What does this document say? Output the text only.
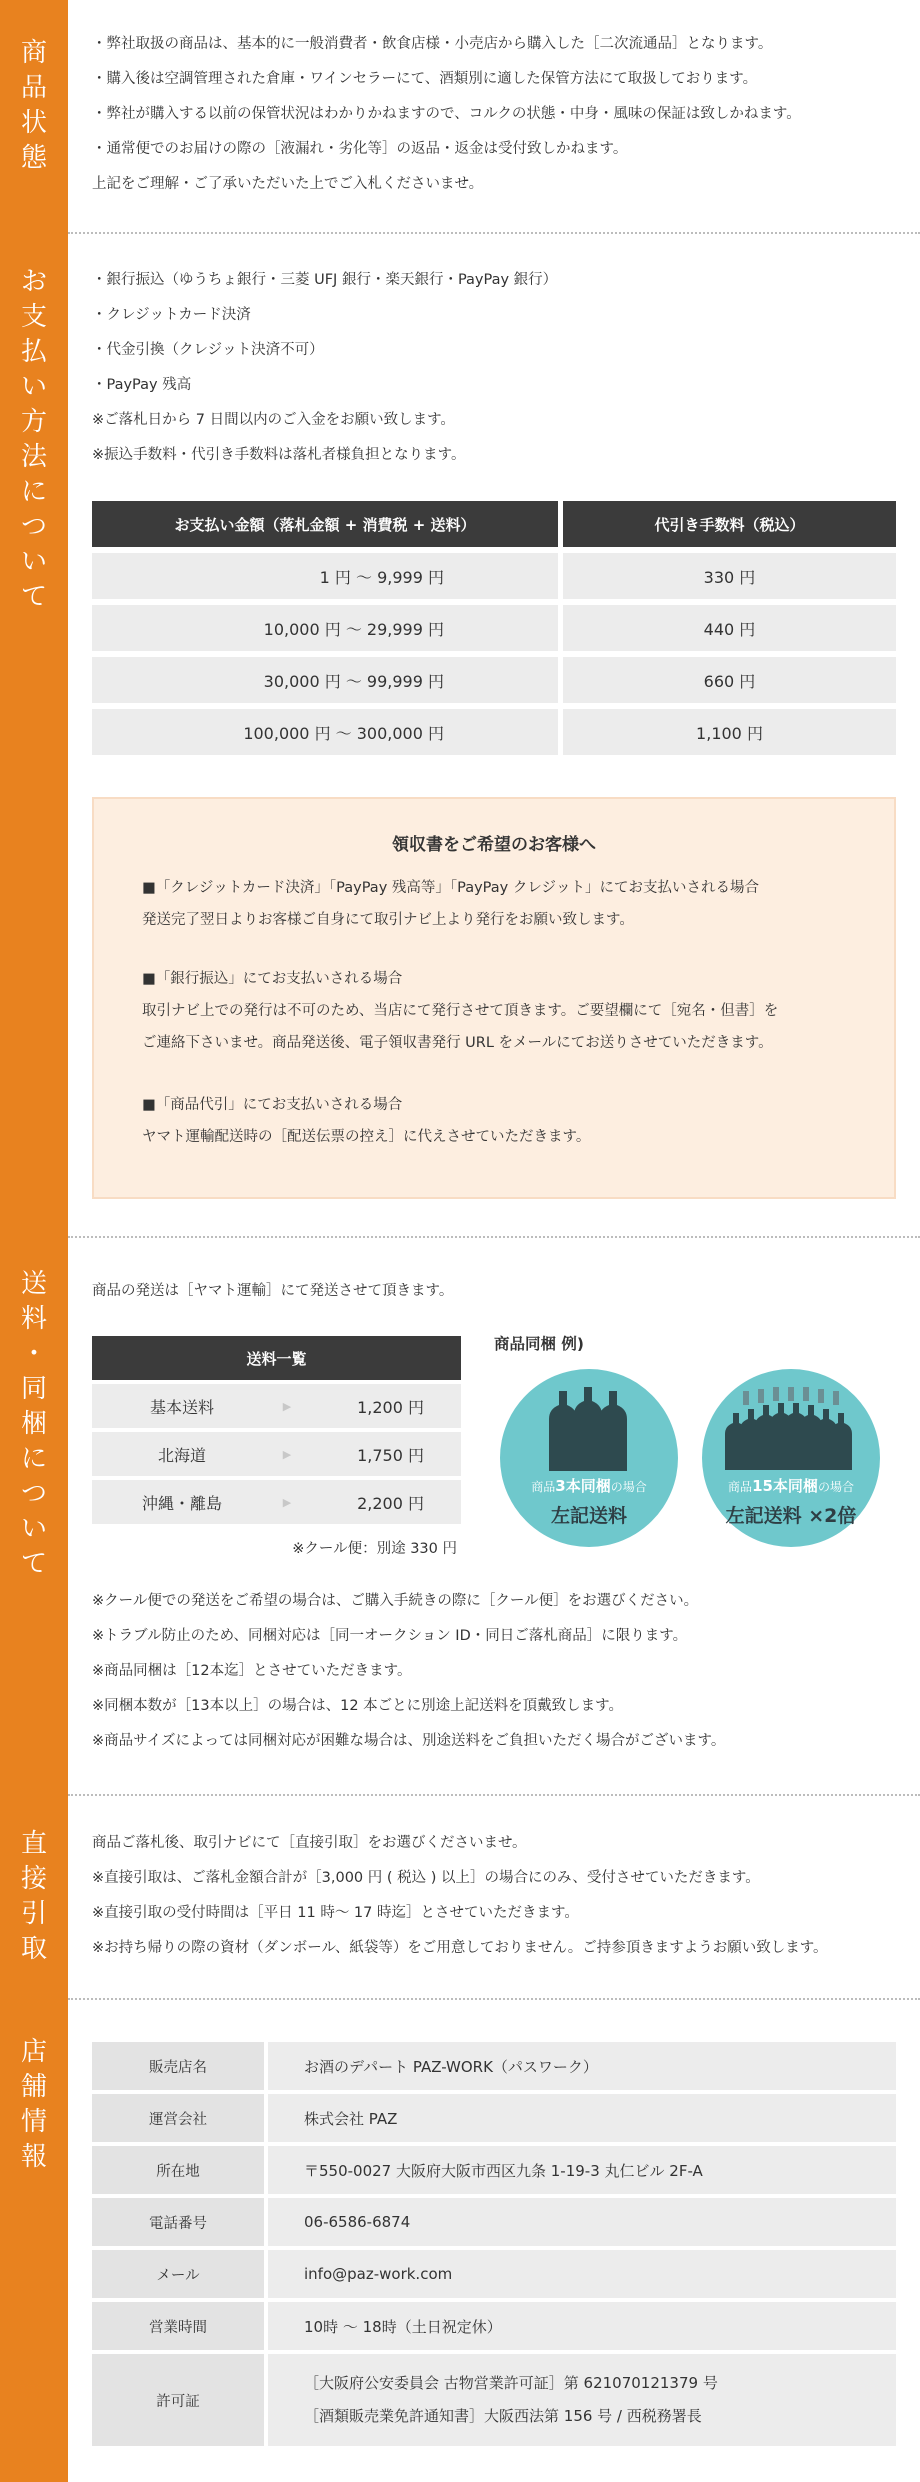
商
品
状
態
お
支
払
い
方
法
に
つ
い
て
送
料
・
同
梱
に
つ
い
て
直
接
引
取
店
舗
情
報

・弊社取扱の商品は、基本的に一般消費者・飲食店様・小売店から購入した［二次流通品］となります。

・購入後は空調管理された倉庫・ワインセラーにて、酒類別に適した保管方法にて取扱しております。

・弊社が購入する以前の保管状況はわかりかねますので、コルクの状態・中身・風味の保証は致しかねます。

・通常便でのお届けの際の［液漏れ・劣化等］の返品・返金は受付致しかねます。

上記をご理解・ご了承いただいた上でご入札くださいませ。

・銀行振込（ゆうちょ銀行・三菱 UFJ 銀行・楽天銀行・PayPay 銀行）

・クレジットカード決済

・代金引換（クレジット決済不可）

・PayPay 残高

※ご落札日から 7 日間以内のご入金をお願い致します。

※振込手数料・代引き手数料は落札者様負担となります。

お支払い金額（落札金額 + 消費税 + 送料）	代引き手数料（税込）
1 円 〜 9,999 円	330 円
10,000 円 〜 29,999 円	440 円
30,000 円 〜 99,999 円	660 円
100,000 円 〜 300,000 円	1,100 円
領収書をご希望のお客様へ

■「クレジットカード決済」「PayPay 残高等」「PayPay クレジット」にてお支払いされる場合

発送完了翌日よりお客様ご自身にて取引ナビ上より発行をお願い致します。

■「銀行振込」にてお支払いされる場合

取引ナビ上での発行は不可のため、当店にて発行させて頂きます。ご要望欄にて［宛名・但書］を

ご連絡下さいませ。商品発送後、電子領収書発行 URL をメールにてお送りさせていただきます。

■「商品代引」にてお支払いされる場合

ヤマト運輸配送時の［配送伝票の控え］に代えさせていただきます。

商品の発送は［ヤマト運輸］にて発送させて頂きます。

送料一覧
基本送料	▶	1,200 円
北海道	▶	1,750 円
沖縄・離島	▶	2,200 円

※クール便：別途 330 円

商品同梱 例)

商品3本同梱の場合
左記送料
商品15本同梱の場合
左記送料 ×2倍

※クール便での発送をご希望の場合は、ご購入手続きの際に［クール便］をお選びください。

※トラブル防止のため、同梱対応は［同一オークション ID・同日ご落札商品］に限ります。

※商品同梱は［12本迄］とさせていただきます。

※同梱本数が［13本以上］の場合は、12 本ごとに別途上記送料を頂戴致します。

※商品サイズによっては同梱対応が困難な場合は、別途送料をご負担いただく場合がございます。

商品ご落札後、取引ナビにて［直接引取］をお選びくださいませ。

※直接引取は、ご落札金額合計が［3,000 円 ( 税込 ) 以上］の場合にのみ、受付させていただきます。

※直接引取の受付時間は［平日 11 時〜 17 時迄］とさせていただきます。

※お持ち帰りの際の資材（ダンボール、紙袋等）をご用意しておりません。ご持参頂きますようお願い致します。

販売店名	お酒のデパート PAZ-WORK（パスワーク）
運営会社	株式会社 PAZ
所在地	〒550-0027 大阪府大阪市西区九条 1-19-3 丸仁ビル 2F-A
電話番号	06-6586-6874
メール	info@paz-work.com
営業時間	10時 〜 18時（土日祝定休）
許可証
［大阪府公安委員会 古物営業許可証］第 621070121379 号
［酒類販売業免許通知書］大阪西法第 156 号 / 西税務署長
